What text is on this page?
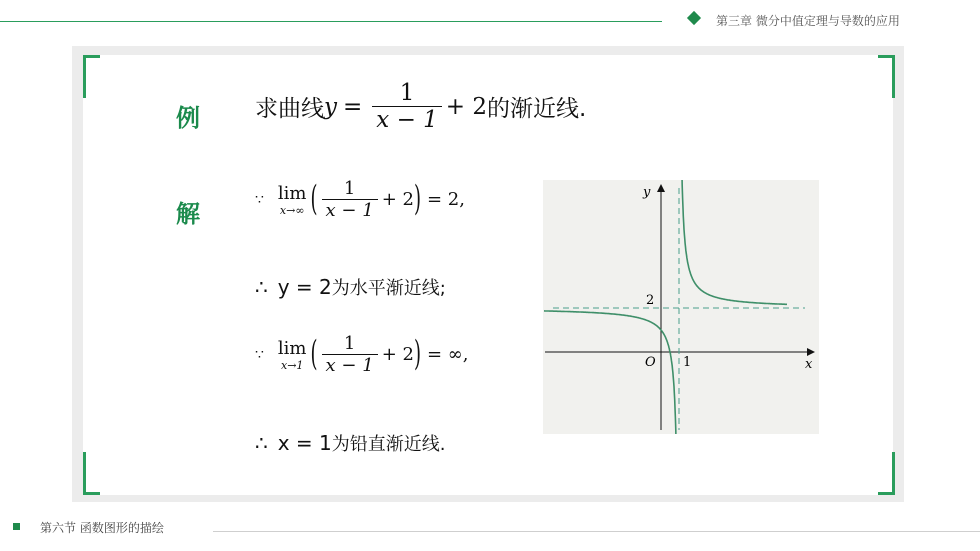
第三章 微分中值定理与导数的应用
例 求曲线 $y = \frac{1}{x - 1} + 2$ 的渐近线.
解
∵ lim
x→∞ ( $\frac{1}{x - 1} + 2$ ) = 2,
∴ y = 2 为水平渐近线;
∵ lim
x→1 ( $\frac{1}{x - 1} + 2$ ) = ∞,
∴ x = 1 为铅直渐近线.
y
x
O 1
2
第六节 函数图形的描绘
